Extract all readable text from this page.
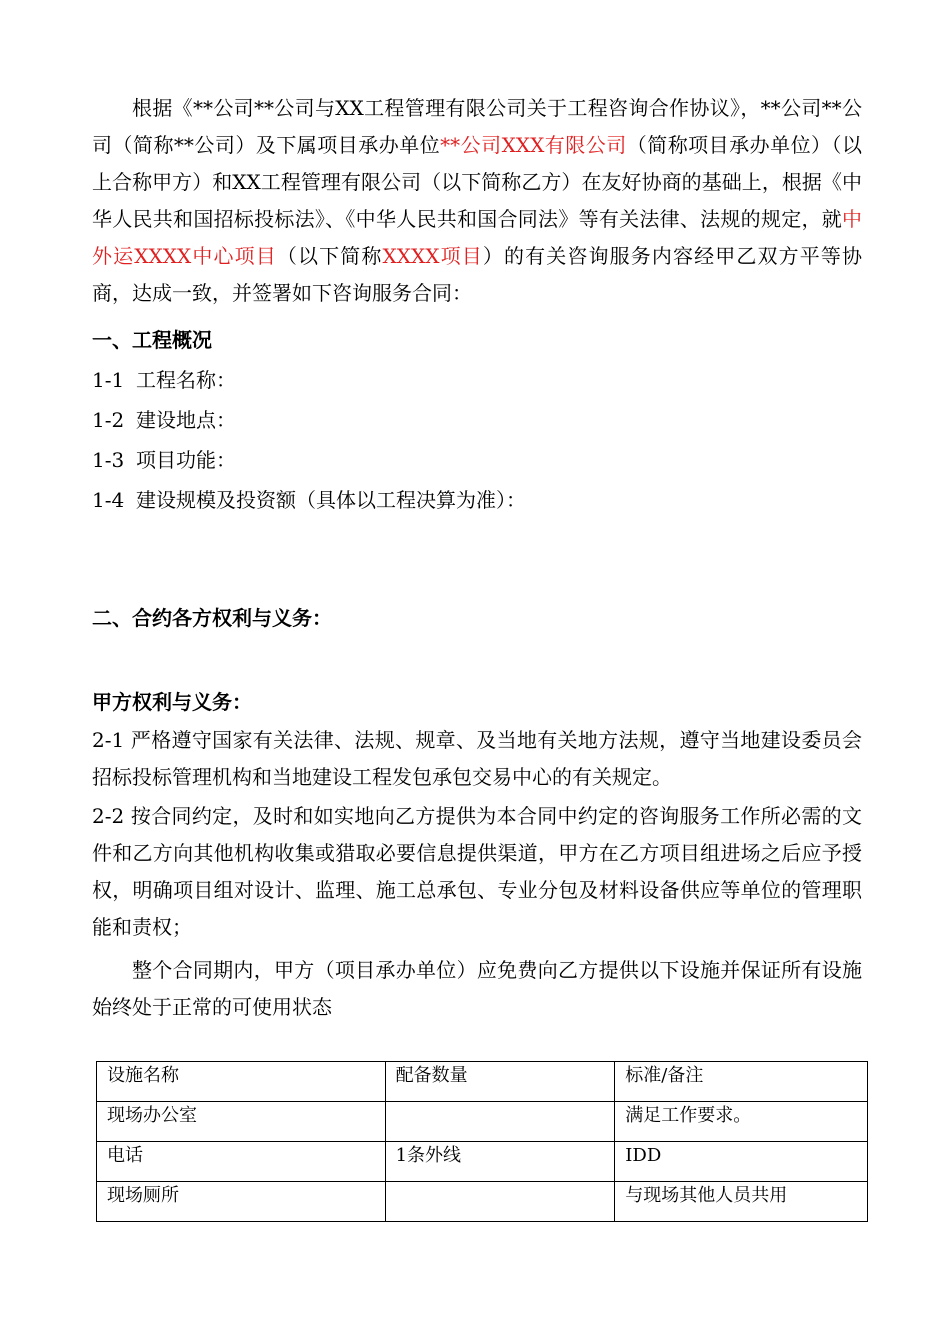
根据《**公司**公司与XX工程管理有限公司关于工程咨询合作协议》，**公司**公司（简称**公司）及下属项目承办单位**公司XXX有限公司（简称项目承办单位）（以上合称甲方）和XX工程管理有限公司（以下简称乙方）在友好协商的基础上，根据《中华人民共和国招标投标法》、《中华人民共和国合同法》等有关法律、法规的规定，就中外运XXXX中心项目（以下简称XXXX项目）的有关咨询服务内容经甲乙双方平等协商，达成一致，并签署如下咨询服务合同：

一、工程概况

1-1 工程名称：

1-2 建设地点：

1-3 项目功能：

1-4 建设规模及投资额（具体以工程决算为准）：

二、合约各方权利与义务：

甲方权利与义务：

2-1 严格遵守国家有关法律、法规、规章、及当地有关地方法规，遵守当地建设委员会招标投标管理机构和当地建设工程发包承包交易中心的有关规定。

2-2 按合同约定，及时和如实地向乙方提供为本合同中约定的咨询服务工作所必需的文件和乙方向其他机构收集或猎取必要信息提供渠道，甲方在乙方项目组进场之后应予授权，明确项目组对设计、监理、施工总承包、专业分包及材料设备供应等单位的管理职能和责权；

整个合同期内，甲方（项目承办单位）应免费向乙方提供以下设施并保证所有设施始终处于正常的可使用状态

设施名称	配备数量	标准/备注
现场办公室		满足工作要求。
电话	1条外线	IDD
现场厕所		与现场其他人员共用
